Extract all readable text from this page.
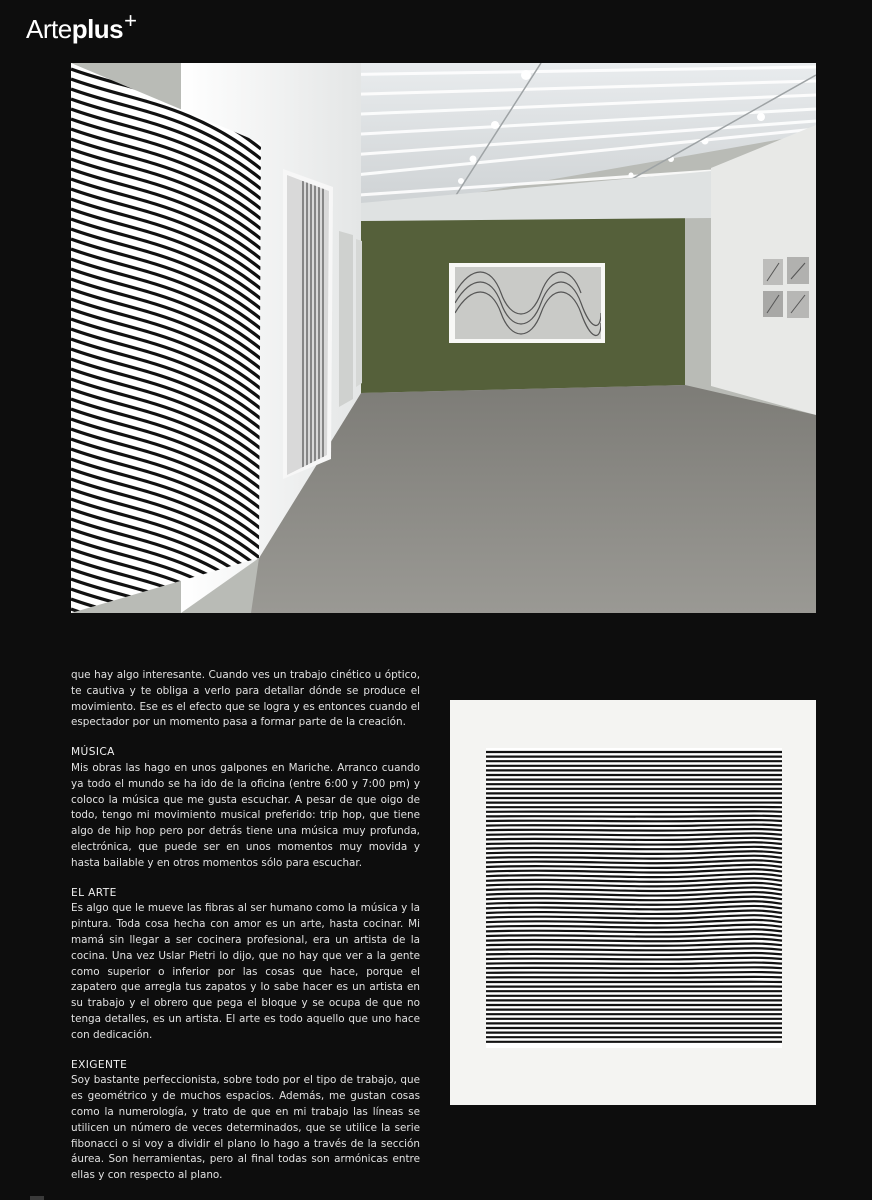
Arteplus+

que hay algo interesante. Cuando ves un trabajo cinético u óptico, te cautiva y te obliga a verlo para detallar dónde se produce el movimiento. Ese es el efecto que se logra y es entonces cuando el espectador por un momento pasa a formar parte de la creación.

MÚSICA

Mis obras las hago en unos galpones en Mariche. Arranco cuando ya todo el mundo se ha ido de la oficina (entre 6:00 y 7:00 pm) y coloco la música que me gusta escuchar. A pesar de que oigo de todo, tengo mi movimiento musical preferido: trip hop, que tiene algo de hip hop pero por detrás tiene una música muy profunda, electrónica, que puede ser en unos momentos muy movida y hasta bailable y en otros momentos sólo para escuchar.

EL ARTE

Es algo que le mueve las fibras al ser humano como la música y la pintura. Toda cosa hecha con amor es un arte, hasta cocinar. Mi mamá sin llegar a ser cocinera profesional, era un artista de la cocina. Una vez Uslar Pietri lo dijo, que no hay que ver a la gente como superior o inferior por las cosas que hace, porque el zapatero que arregla tus zapatos y lo sabe hacer es un artista en su trabajo y el obrero que pega el bloque y se ocupa de que no tenga detalles, es un artista. El arte es todo aquello que uno hace con dedicación.

EXIGENTE

Soy bastante perfeccionista, sobre todo por el tipo de trabajo, que es geométrico y de muchos espacios. Además, me gustan cosas como la numerología, y trato de que en mi trabajo las líneas se utilicen un número de veces determinados, que se utilice la serie fibonacci o si voy a dividir el plano lo hago a través de la sección áurea. Son herramientas, pero al final todas son armónicas entre ellas y con respecto al plano.
